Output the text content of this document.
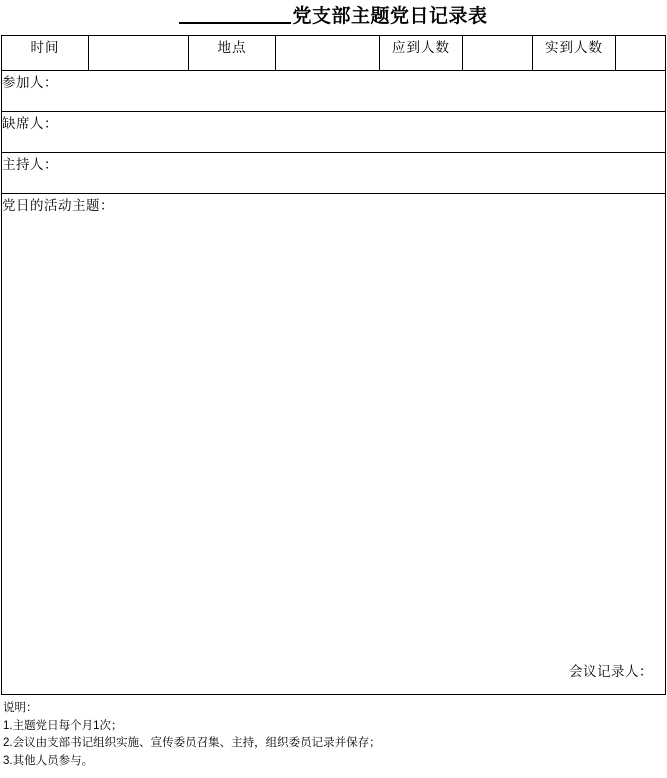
党支部主题党日记录表
时间		地点		应到人数		实到人数	
参加人：
缺席人：
主持人：

党日的活动主题：
会议记录人：
说明：
1.主题党日每个月1次；
2.会议由支部书记组织实施、宣传委员召集、主持，组织委员记录并保存；
3.其他人员参与。
